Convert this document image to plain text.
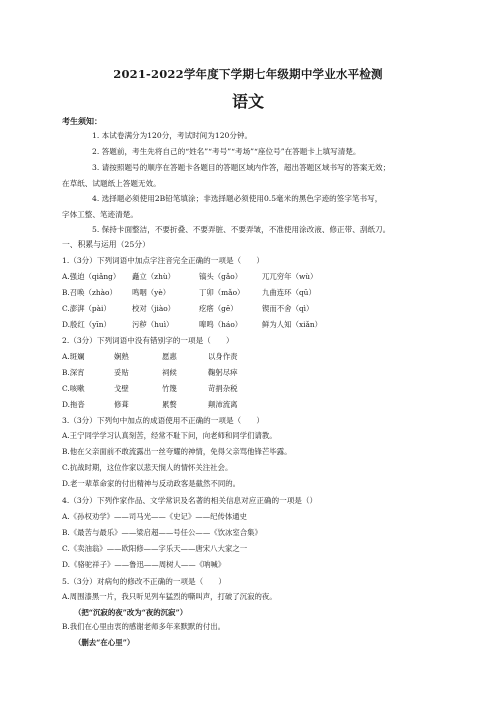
2021-2022学年度下学期七年级期中学业水平检测
语文
考生须知：
1. 本试卷满分为120分，考试时间为120分钟。
2. 答题前，考生先将自己的“姓名”“考号”“考场”“座位号”在答题卡上填写清楚。
3. 请按照题号的顺序在答题卡各题目的答题区域内作答，超出答题区域书写的答案无效；
在草纸、试题纸上答题无效。
4. 选择题必须使用2B铅笔填涂；非选择题必须使用0.5毫米的黑色字迹的签字笔书写，
字体工整、笔迹清楚。
5. 保持卡面整洁，不要折叠、不要弄脏、不要弄皱，不准使用涂改液、修正带、刮纸刀。
一、积累与运用（25分）
1.（3分）下列词语中加点字注音完全正确的一项是（　　）
A.强迫（qiǎng） 矗立（zhù）	镐头（gǎo）	兀兀穷年（wù）
B.召唤（zhào） 鸣咽（yè）	丁卯（mǎo） 九曲连环（qū）
C.澎湃（pài）	校对（jiào）	疙瘩（gē）	锲而不舍（qì）
D.殷红（yīn）	污秽（huì）	嗥鸣（háo）	鲜为人知（xiǎn）
2.（3分）下列词语中没有错别字的一项是（　　）
A.斑斓	娴熟	愿惠	以身作责
B.深宵	妥贴	祠候	鞠躬尽瘁
C.咳嗽	戈壁	竹篾	苛捐杂税
D.拖沓	修葺	累赘	颠沛流离
3.（3分）下列句中加点的成语使用不正确的一项是（　　）
A.王宁同学学习认真刻苦，经常不耻下问，向老师和同学们请教。
B.他在父亲面前不敢流露出一丝夸耀的神情，免得父亲骂他锋芒毕露。
C.抗战时期，这位作家以悲天悯人的情怀关注社会。
D.老一辈革命家的付出精神与反动政客是截然不同的。
4.（3分）下列作家作品、文学常识及名著的相关信息对应正确的一项是（）
A.《孙权劝学》——司马光——《史记》——纪传体通史
B.《最苦与最乐》——梁启超——号任公——《饮冰室合集》
C.《卖油翁》——欧阳修——字乐天——唐宋八大家之一
D.《骆驼祥子》——鲁迅——周树人——《呐喊》
5.（3分）对病句的修改不正确的一项是（　　）
A.周围漆黑一片，我只听见列车猛烈的嘶叫声，打破了沉寂的夜。
（把“沉寂的夜”改为“夜的沉寂”）
B.我们在心里由衷的感谢老师多年来默默的付出。
（删去“在心里”）
